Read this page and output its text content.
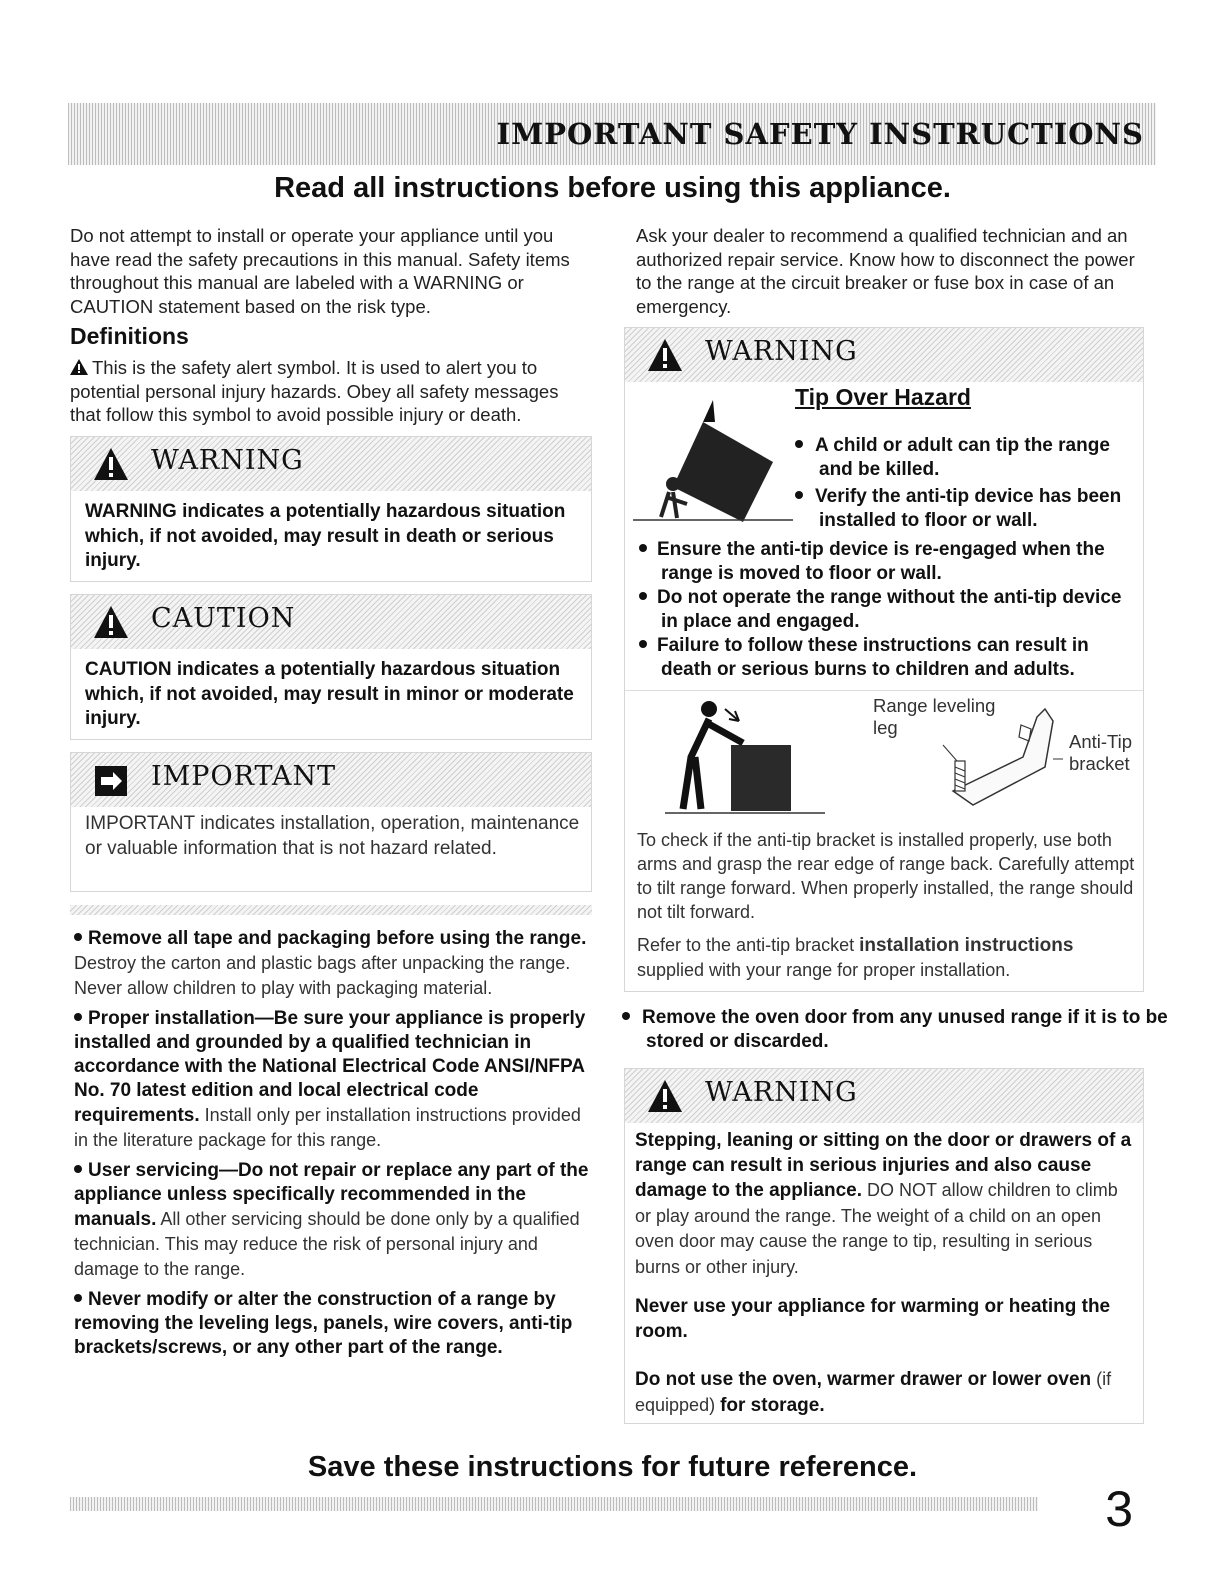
IMPORTANT SAFETY INSTRUCTIONS
Read all instructions before using this appliance.
Do not attempt to install or operate your appliance until you have read the safety precautions in this manual. Safety items throughout this manual are labeled with a WARNING or CAUTION statement based on the risk type.
Definitions
This is the safety alert symbol. It is used to alert you to potential personal injury hazards. Obey all safety messages that follow this symbol to avoid possible injury or death.
WARNING
WARNING indicates a potentially hazardous situation which, if not avoided, may result in death or serious injury.
CAUTION
CAUTION indicates a potentially hazardous situation which, if not avoided, may result in minor or moderate injury.
IMPORTANT
IMPORTANT indicates installation, operation, maintenance or valuable information that is not hazard related.

Remove all tape and packaging before using the range. Destroy the carton and plastic bags after unpacking the range. Never allow children to play with packaging material.

Proper installation—Be sure your appliance is properly installed and grounded by a qualified technician in accordance with the National Electrical Code ANSI/NFPA No. 70 latest edition and local electrical code requirements. Install only per installation instructions provided in the literature package for this range.

User servicing—Do not repair or replace any part of the appliance unless specifically recommended in the manuals. All other servicing should be done only by a qualified technician. This may reduce the risk of personal injury and damage to the range.

Never modify or alter the construction of a range by removing the leveling legs, panels, wire covers, anti-tip brackets/screws, or any other part of the range.

Ask your dealer to recommend a qualified technician and an authorized repair service. Know how to disconnect the power to the range at the circuit breaker or fuse box in case of an emergency.
WARNING
Tip Over Hazard
A child or adult can tip the range and be killed.
Verify the anti-tip device has been installed to floor or wall.
Ensure the anti-tip device is re-engaged when the range is moved to floor or wall.
Do not operate the range without the anti-tip device in place and engaged.
Failure to follow these instructions can result in death or serious burns to children and adults.
Range leveling leg
Anti-Tip bracket
To check if the anti-tip bracket is installed properly, use both arms and grasp the rear edge of range back. Carefully attempt to tilt range forward. When properly installed, the range should not tilt forward.
Refer to the anti-tip bracket installation instructions supplied with your range for proper installation.
Remove the oven door from any unused range if it is to be stored or discarded.
WARNING
Stepping, leaning or sitting on the door or drawers of a range can result in serious injuries and also cause damage to the appliance. DO NOT allow children to climb or play around the range. The weight of a child on an open oven door may cause the range to tip, resulting in serious burns or other injury.
Never use your appliance for warming or heating the room.
Do not use the oven, warmer drawer or lower oven (if equipped) for storage.
Save these instructions for future reference.
3
